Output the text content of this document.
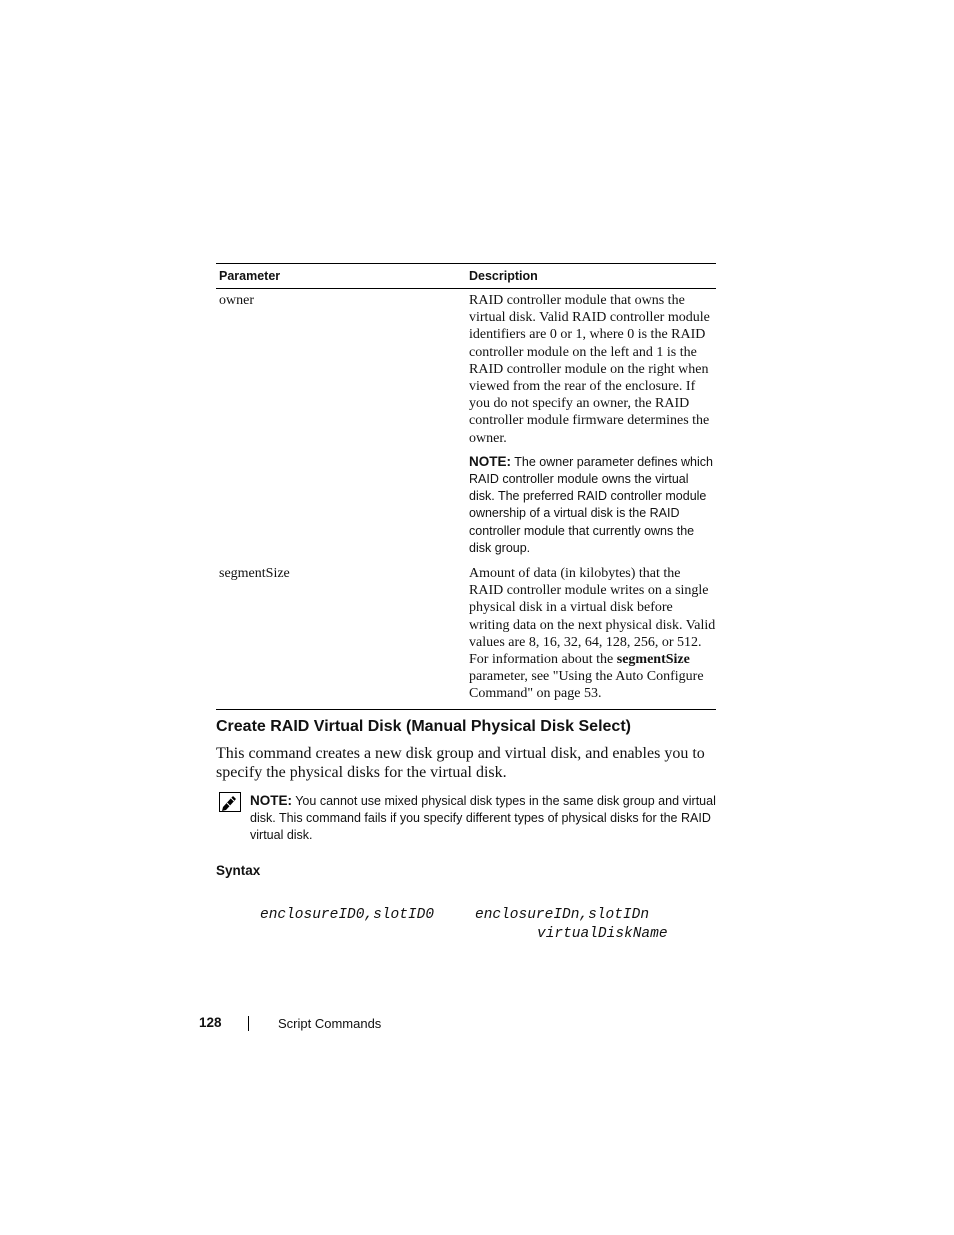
Parameter	Description
owner	RAID controller module that owns the virtual disk. Valid RAID controller module identifiers are 0 or 1, where 0 is the RAID controller module on the left and 1 is the RAID controller module on the right when viewed from the rear of the enclosure. If you do not specify an owner, the RAID controller module firmware determines the owner.
NOTE: The owner parameter defines which RAID controller module owns the virtual disk. The preferred RAID controller module ownership of a virtual disk is the RAID controller module that currently owns the disk group.
segmentSize	Amount of data (in kilobytes) that the RAID controller module writes on a single physical disk in a virtual disk before writing data on the next physical disk. Valid values are 8, 16, 32, 64, 128, 256, or 512. For information about the segmentSize parameter, see "Using the Auto Configure Command" on page 53.
Create RAID Virtual Disk (Manual Physical Disk Select)
This command creates a new disk group and virtual disk, and enables you to specify the physical disks for the virtual disk.
NOTE: You cannot use mixed physical disk types in the same disk group and virtual disk. This command fails if you specify different types of physical disks for the RAID virtual disk.
Syntax
enclosureID0,slotID0	enclosureIDn,slotIDn
virtualDiskName
128	Script Commands
